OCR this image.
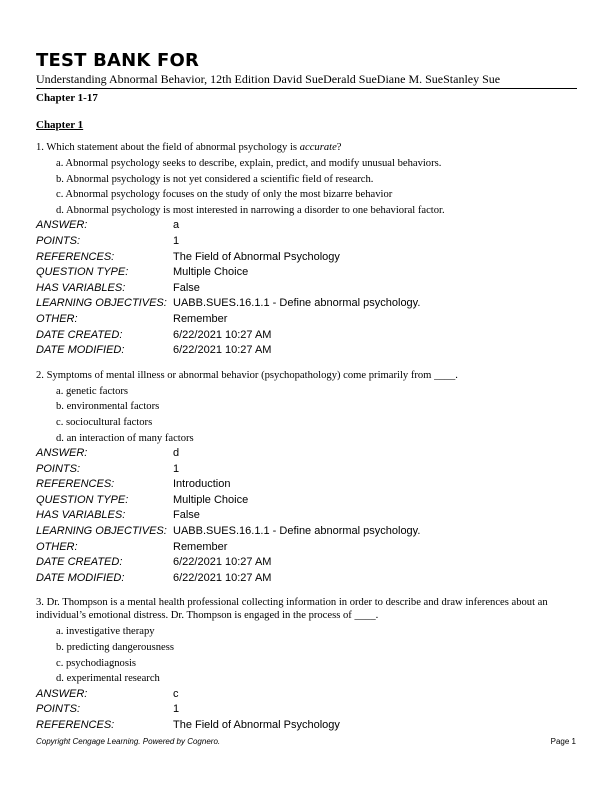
TEST BANK FOR

Understanding Abnormal Behavior, 12th Edition David SueDerald SueDiane M. SueStanley Sue

Chapter 1-17
Chapter 1
1. Which statement about the field of abnormal psychology is accurate?
a. Abnormal psychology seeks to describe, explain, predict, and modify unusual behaviors.
b. Abnormal psychology is not yet considered a scientific field of research.
c. Abnormal psychology focuses on the study of only the most bizarre behavior
d. Abnormal psychology is most interested in narrowing a disorder to one behavioral factor.
ANSWER:	a
POINTS:	1
REFERENCES:	The Field of Abnormal Psychology
QUESTION TYPE:	Multiple Choice
HAS VARIABLES:	False
LEARNING OBJECTIVES: UABB.SUES.16.1.1 - Define abnormal psychology.
OTHER:	Remember
DATE CREATED:	6/22/2021 10:27 AM
DATE MODIFIED:	6/22/2021 10:27 AM
2. Symptoms of mental illness or abnormal behavior (psychopathology) come primarily from ____.
a. genetic factors
b. environmental factors
c. sociocultural factors
d. an interaction of many factors
ANSWER:	d
POINTS:	1
REFERENCES:	Introduction
QUESTION TYPE:	Multiple Choice
HAS VARIABLES:	False
LEARNING OBJECTIVES: UABB.SUES.16.1.1 - Define abnormal psychology.
OTHER:	Remember
DATE CREATED:	6/22/2021 10:27 AM
DATE MODIFIED:	6/22/2021 10:27 AM
3. Dr. Thompson is a mental health professional collecting information in order to describe and draw inferences about an individual’s emotional distress. Dr. Thompson is engaged in the process of ____.
a. investigative therapy
b. predicting dangerousness
c. psychodiagnosis
d. experimental research
ANSWER:	c
POINTS:	1
REFERENCES:	The Field of Abnormal Psychology
Copyright Cengage Learning. Powered by Cognero.	Page 1
